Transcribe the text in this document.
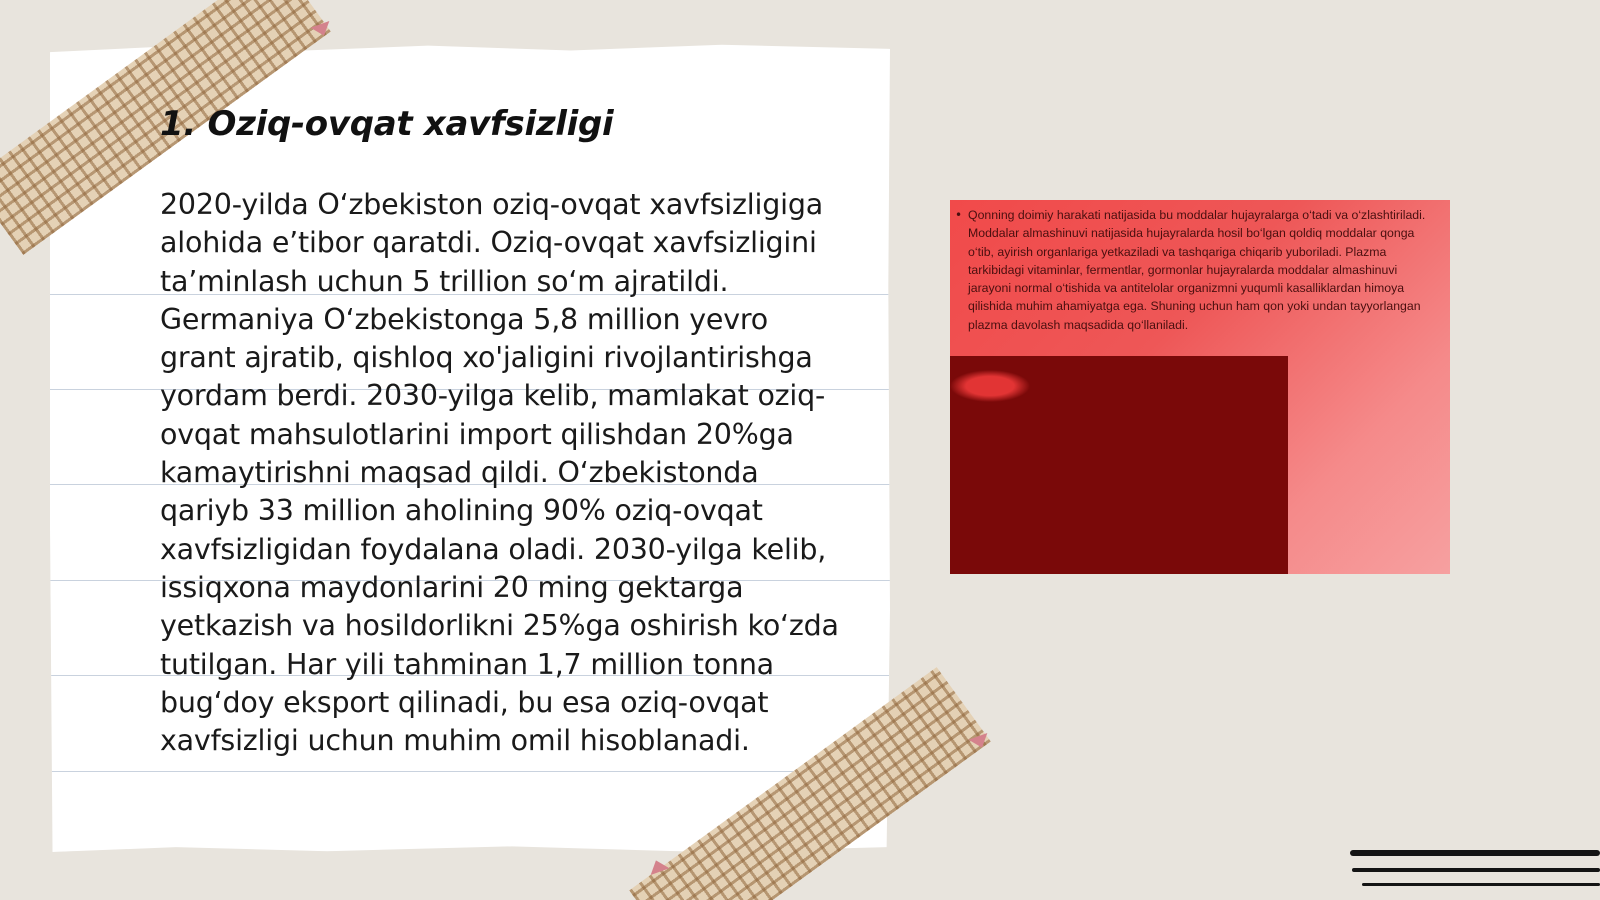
1. Oziq-ovqat xavfsizligi

2020-yilda O‘zbekiston oziq-ovqat xavfsizligiga alohida e’tibor qaratdi. Oziq-ovqat xavfsizligini ta’minlash uchun 5 trillion so‘m ajratildi. Germaniya O‘zbekistonga 5,8 million yevro grant ajratib, qishloq xo'jaligini rivojlantirishga yordam berdi. 2030-yilga kelib, mamlakat oziq-ovqat mahsulotlarini import qilishdan 20%ga kamaytirishni maqsad qildi. O‘zbekistonda qariyb 33 million aholining 90% oziq-ovqat xavfsizligidan foydalana oladi. 2030-yilga kelib, issiqxona maydonlarini 20 ming gektarga yetkazish va hosildorlikni 25%ga oshirish ko‘zda tutilgan. Har yili tahminan 1,7 million tonna bug‘doy eksport qilinadi, bu esa oziq-ovqat xavfsizligi uchun muhim omil hisoblanadi.

• Qonning doimiy harakati natijasida bu moddalar hujayralarga o‘tadi va o‘zlashtiriladi. Moddalar almashinuvi natijasida hujayralarda hosil bo‘lgan qoldiq moddalar qonga o‘tib, ayirish organlariga yetkaziladi va tashqariga chiqarib yuboriladi. Plazma tarkibidagi vitaminlar, fermentlar, gormonlar hujayralarda moddalar almashinuvi jarayoni normal o‘tishida va antitelolar organizmni yuqumli kasalliklardan himoya qilishida muhim ahamiyatga ega. Shuning uchun ham qon yoki undan tayyorlangan plazma davolash maqsadida qo‘llaniladi.
